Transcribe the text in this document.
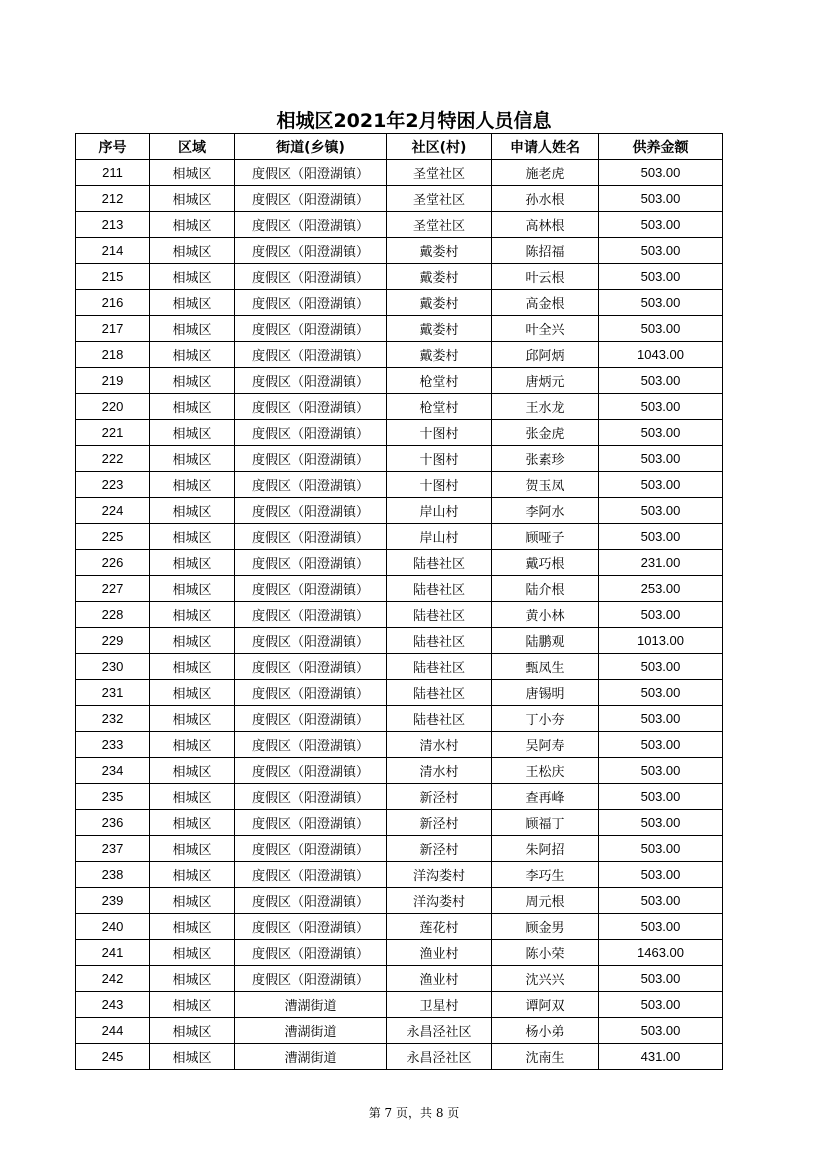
相城区2021年2月特困人员信息
序号	区域	街道(乡镇)	社区(村)	申请人姓名	供养金额
211	相城区	度假区（阳澄湖镇）	圣堂社区	施老虎	503.00
212	相城区	度假区（阳澄湖镇）	圣堂社区	孙水根	503.00
213	相城区	度假区（阳澄湖镇）	圣堂社区	高林根	503.00
214	相城区	度假区（阳澄湖镇）	戴娄村	陈招福	503.00
215	相城区	度假区（阳澄湖镇）	戴娄村	叶云根	503.00
216	相城区	度假区（阳澄湖镇）	戴娄村	高金根	503.00
217	相城区	度假区（阳澄湖镇）	戴娄村	叶全兴	503.00
218	相城区	度假区（阳澄湖镇）	戴娄村	邱阿炳	1043.00
219	相城区	度假区（阳澄湖镇）	枪堂村	唐炳元	503.00
220	相城区	度假区（阳澄湖镇）	枪堂村	王水龙	503.00
221	相城区	度假区（阳澄湖镇）	十图村	张金虎	503.00
222	相城区	度假区（阳澄湖镇）	十图村	张素珍	503.00
223	相城区	度假区（阳澄湖镇）	十图村	贺玉凤	503.00
224	相城区	度假区（阳澄湖镇）	岸山村	李阿水	503.00
225	相城区	度假区（阳澄湖镇）	岸山村	顾哑子	503.00
226	相城区	度假区（阳澄湖镇）	陆巷社区	戴巧根	231.00
227	相城区	度假区（阳澄湖镇）	陆巷社区	陆介根	253.00
228	相城区	度假区（阳澄湖镇）	陆巷社区	黄小林	503.00
229	相城区	度假区（阳澄湖镇）	陆巷社区	陆鹏观	1013.00
230	相城区	度假区（阳澄湖镇）	陆巷社区	甄凤生	503.00
231	相城区	度假区（阳澄湖镇）	陆巷社区	唐锡明	503.00
232	相城区	度假区（阳澄湖镇）	陆巷社区	丁小夯	503.00
233	相城区	度假区（阳澄湖镇）	清水村	吴阿寿	503.00
234	相城区	度假区（阳澄湖镇）	清水村	王松庆	503.00
235	相城区	度假区（阳澄湖镇）	新泾村	查再峰	503.00
236	相城区	度假区（阳澄湖镇）	新泾村	顾福丁	503.00
237	相城区	度假区（阳澄湖镇）	新泾村	朱阿招	503.00
238	相城区	度假区（阳澄湖镇）	洋沟娄村	李巧生	503.00
239	相城区	度假区（阳澄湖镇）	洋沟娄村	周元根	503.00
240	相城区	度假区（阳澄湖镇）	莲花村	顾金男	503.00
241	相城区	度假区（阳澄湖镇）	渔业村	陈小荣	1463.00
242	相城区	度假区（阳澄湖镇）	渔业村	沈兴兴	503.00
243	相城区	漕湖街道	卫星村	谭阿双	503.00
244	相城区	漕湖街道	永昌泾社区	杨小弟	503.00
245	相城区	漕湖街道	永昌泾社区	沈南生	431.00
第 7 页，共 8 页
